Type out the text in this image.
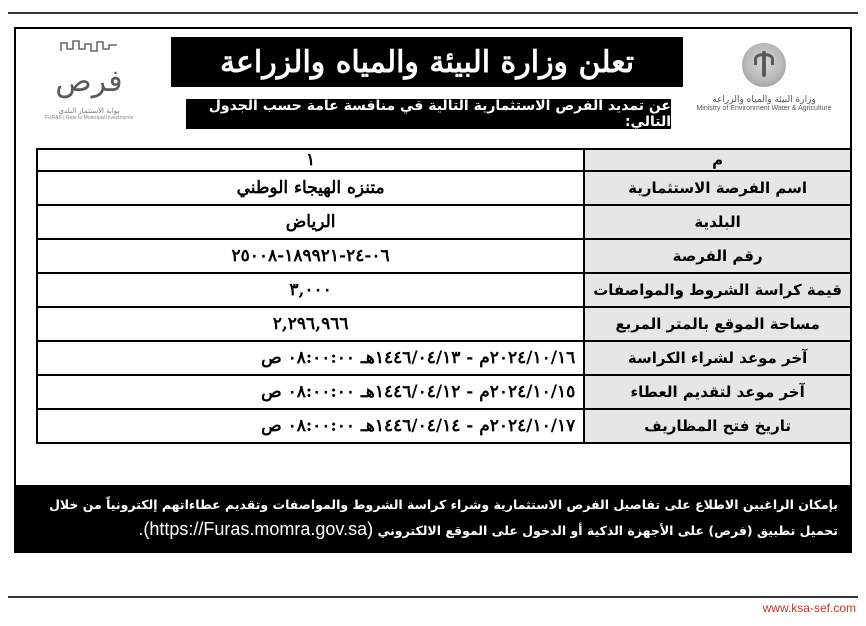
وزارة البيئة والمياه والزراعة
Ministry of Environment Water & Agriculture
تعلن وزارة البيئة والمياه والزراعة
عن تمديد الفرص الاستثمارية التالية في منافسة عامة حسب الجدول التالي:
فرص
بوابة الاستثمار البلدي
FURAS | Gate to Municipal Investments
م	١
اسم الفرصة الاستثمارية	متنزه الهيجاء الوطني
البلدية	الرياض
رقم الفرصة	٠٦-٢٤-١٨٩٩٢١-٢٥٠٠٨
قيمة كراسة الشروط والمواصفات	٣,٠٠٠
مساحة الموقع بالمتر المربع	٢,٢٩٦,٩٦٦
آخر موعد لشراء الكراسة	٢٠٢٤/١٠/١٦م - ١٤٤٦/٠٤/١٣هـ ٠٨:٠٠:٠٠ ص
آخر موعد لتقديم العطاء	٢٠٢٤/١٠/١٥م - ١٤٤٦/٠٤/١٢هـ ٠٨:٠٠:٠٠ ص
تاريخ فتح المظاريف	٢٠٢٤/١٠/١٧م - ١٤٤٦/٠٤/١٤هـ ٠٨:٠٠:٠٠ ص
بإمكان الراغبين الاطلاع على تفاصيل الفرص الاستثمارية وشراء كراسة الشروط والمواصفات وتقديم عطاءاتهم إلكترونياً من خلال
تحميل تطبيق (فرص) على الأجهزة الذكية أو الدخول على الموقع الالكتروني (https://Furas.momra.gov.sa).
www.ksa-sef.com
